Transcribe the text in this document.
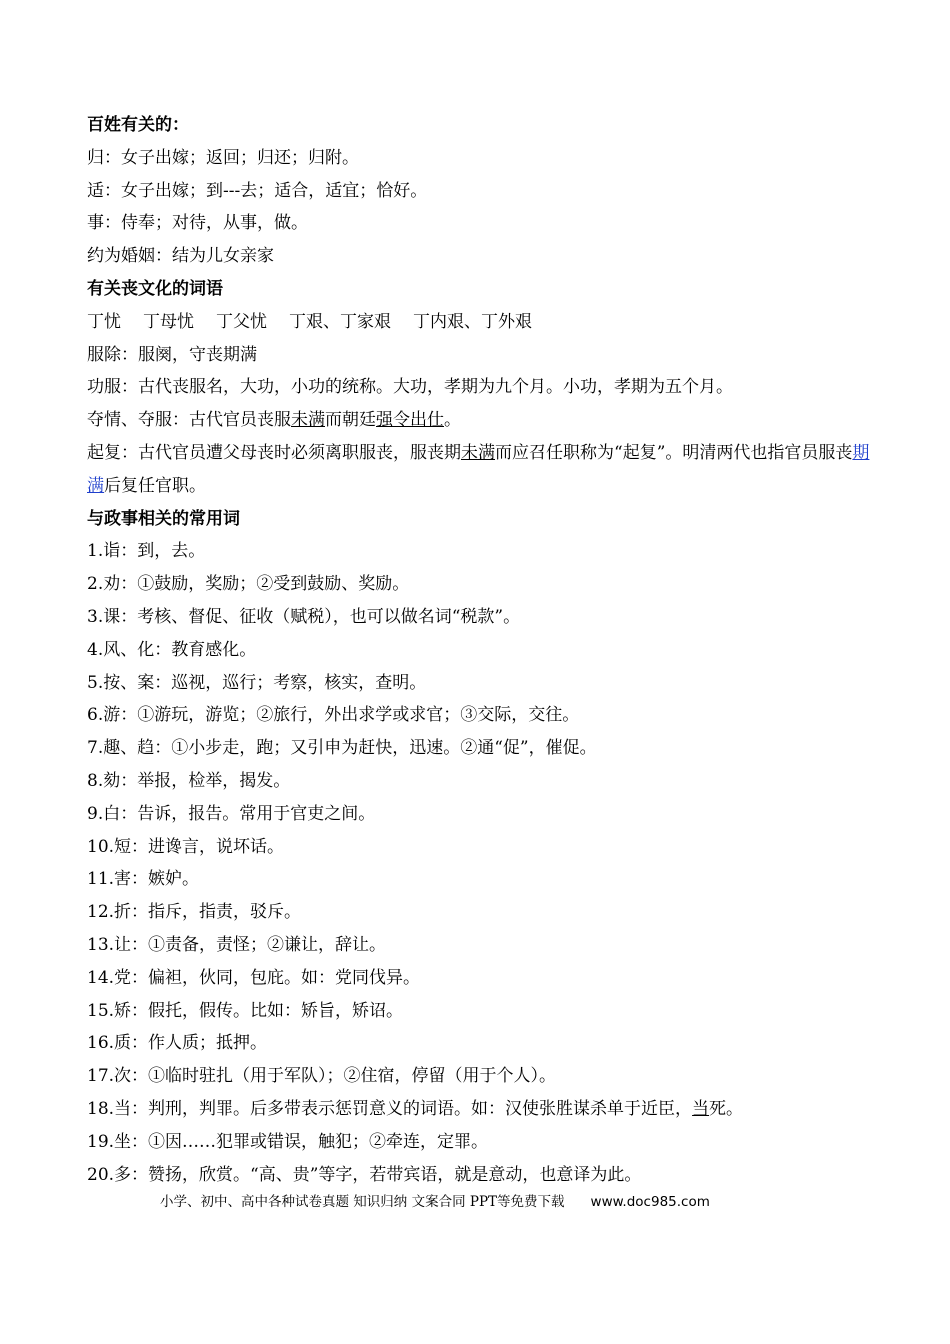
百姓有关的：
归：女子出嫁；返回；归还；归附。
适：女子出嫁；到---去；适合，适宜；恰好。
事：侍奉；对待，从事，做。
约为婚姻：结为儿女亲家
有关丧文化的词语
丁忧 丁母忧 丁父忧 丁艰、丁家艰 丁内艰、丁外艰
服除：服阕，守丧期满
功服：古代丧服名，大功，小功的统称。大功，孝期为九个月。小功，孝期为五个月。
夺情、夺服：古代官员丧服未满而朝廷强令出仕。
起复：古代官员遭父母丧时必须离职服丧，服丧期未满而应召任职称为“起复”。明清两代也指官员服丧期满后复任官职。
与政事相关的常用词
1.诣：到，去。
2.劝：①鼓励，奖励；②受到鼓励、奖励。
3.课：考核、督促、征收（赋税），也可以做名词“税款”。
4.风、化：教育感化。
5.按、案：巡视，巡行；考察，核实，查明。
6.游：①游玩，游览；②旅行，外出求学或求官；③交际，交往。
7.趣、趋：①小步走，跑；又引申为赶快，迅速。②通“促”，催促。
8.劾：举报，检举，揭发。
9.白：告诉，报告。常用于官吏之间。
10.短：进谗言，说坏话。
11.害：嫉妒。
12.折：指斥，指责，驳斥。
13.让：①责备，责怪；②谦让，辞让。
14.党：偏袒，伙同，包庇。如：党同伐异。
15.矫：假托，假传。比如：矫旨，矫诏。
16.质：作人质；抵押。
17.次：①临时驻扎（用于军队）；②住宿，停留（用于个人）。
18.当：判刑，判罪。后多带表示惩罚意义的词语。如：汉使张胜谋杀单于近臣，当死。
19.坐：①因……犯罪或错误，触犯；②牵连，定罪。
20.多：赞扬，欣赏。“高、贵”等字，若带宾语，就是意动，也意译为此。
小学、初中、高中各种试卷真题 知识归纳 文案合同 PPT等免费下载 www.doc985.com
